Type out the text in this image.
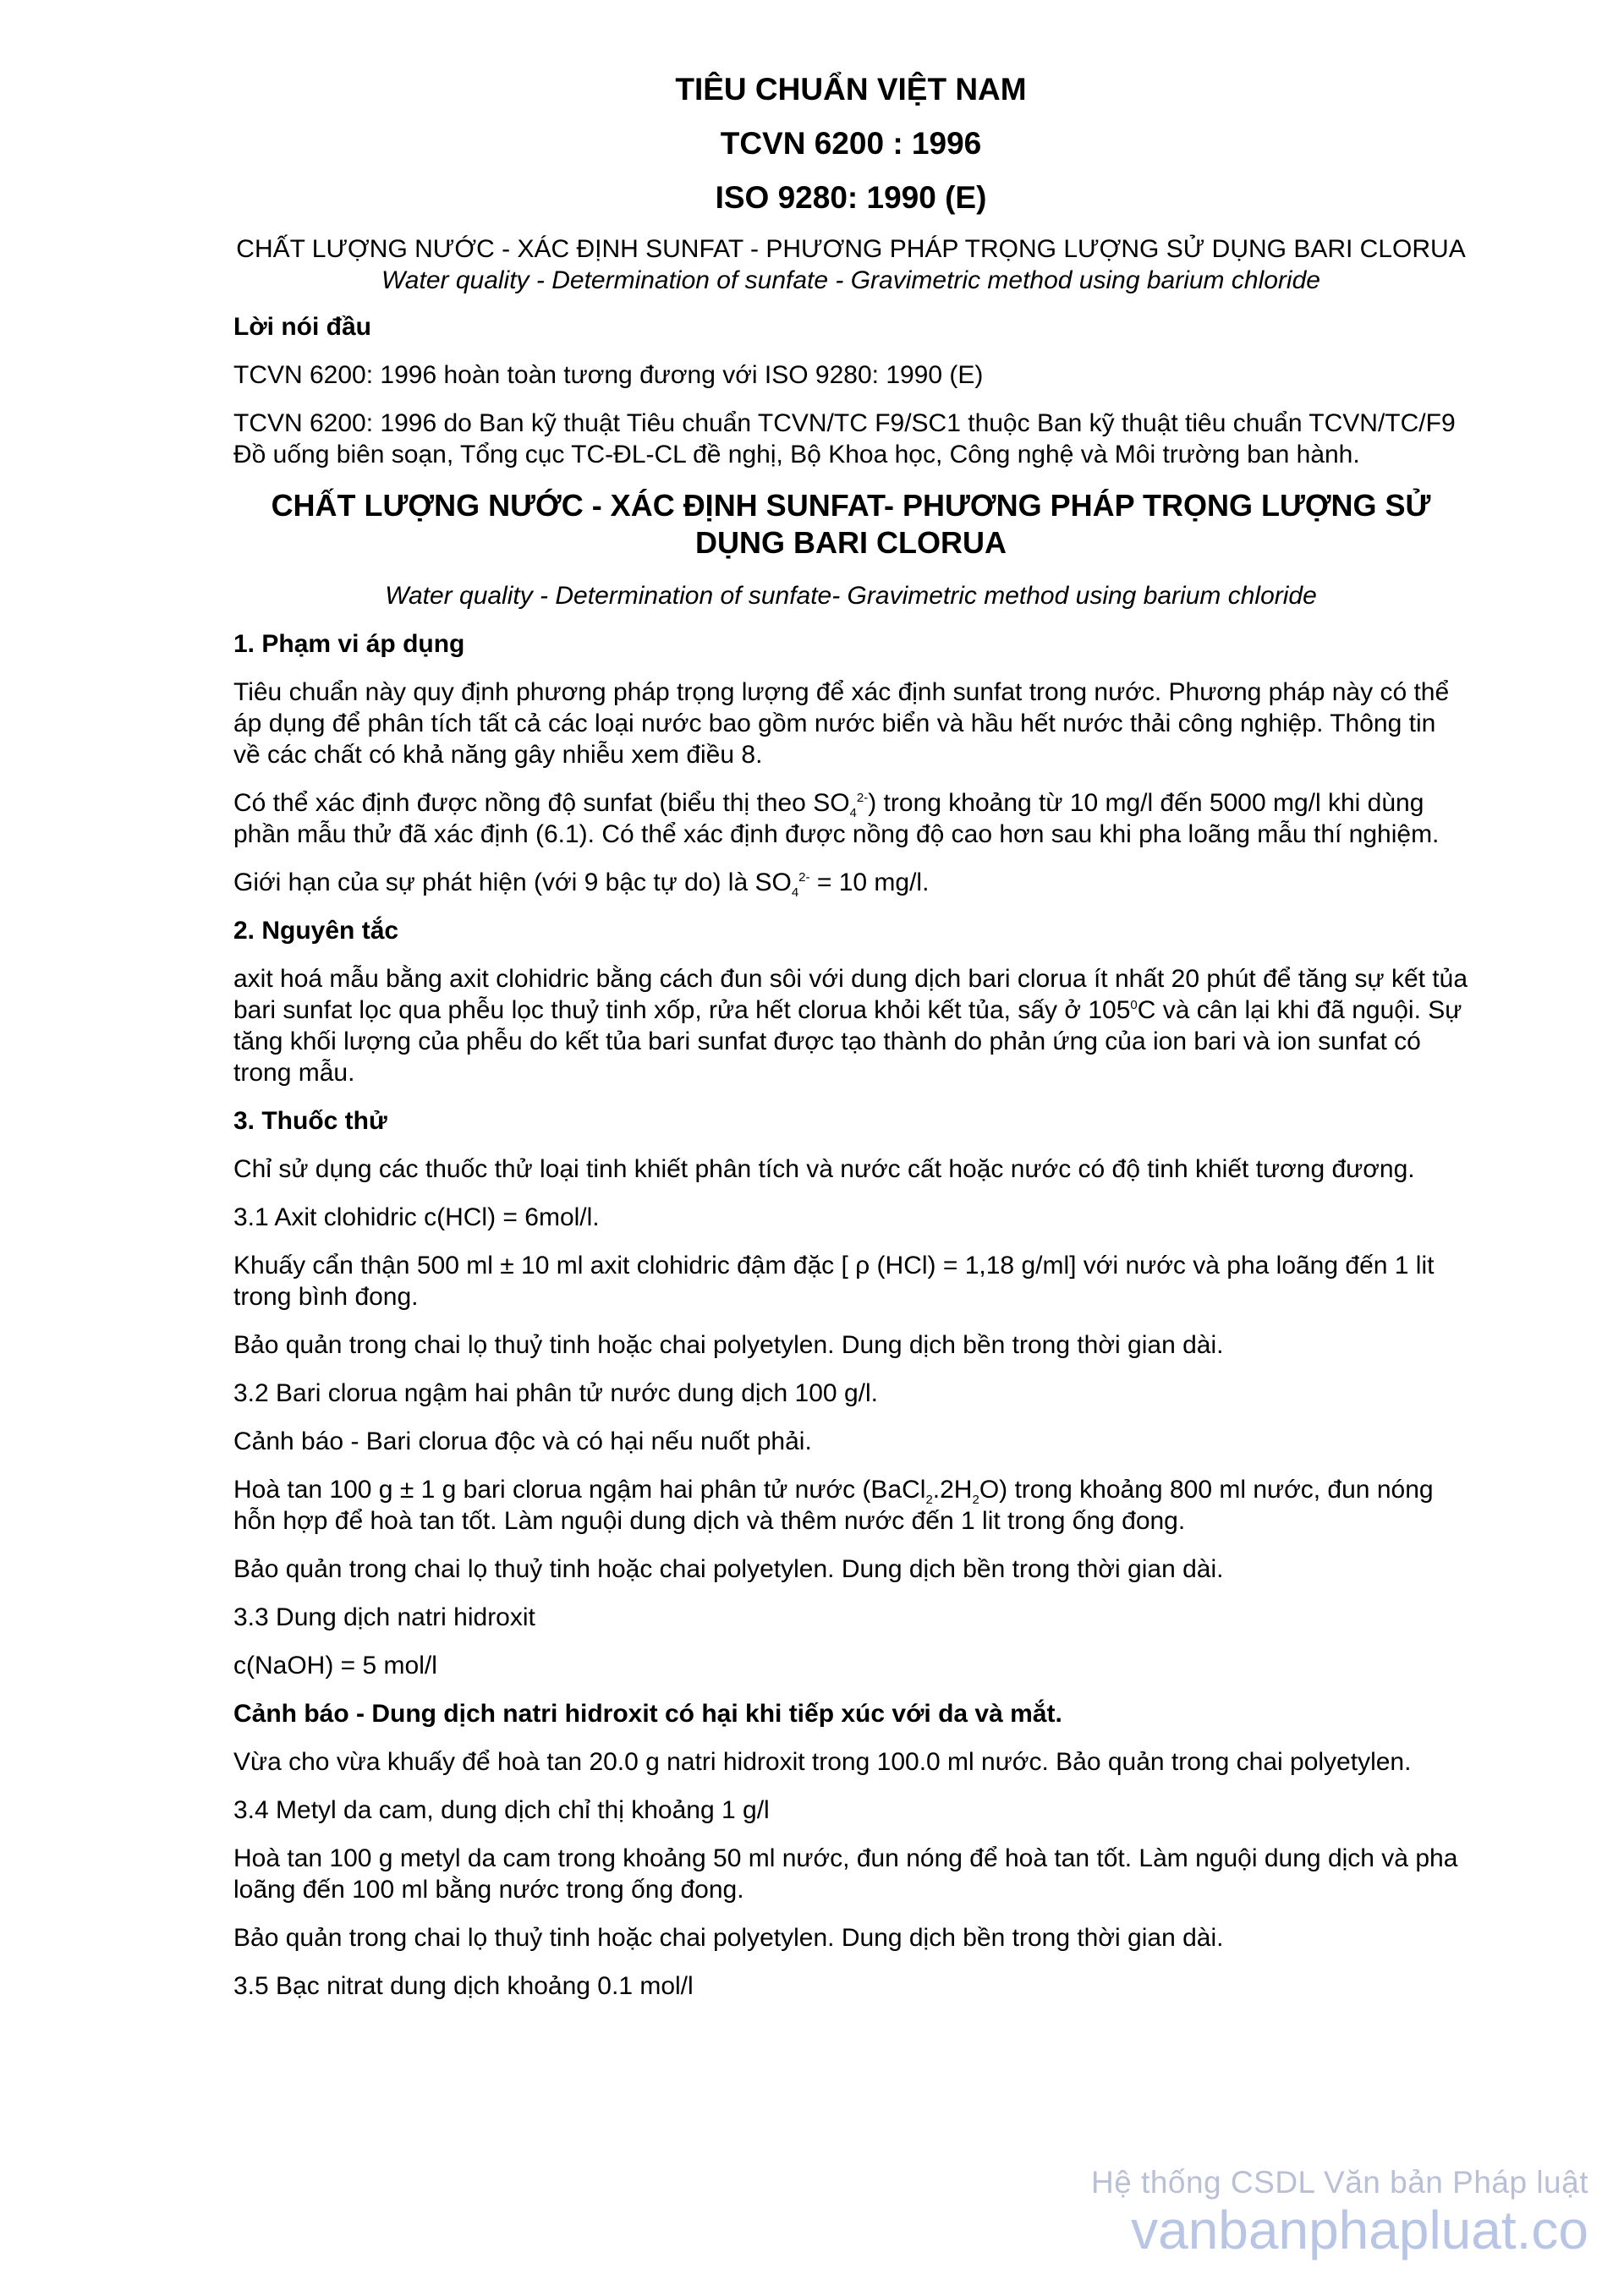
TIÊU CHUẨN VIỆT NAM

TCVN 6200 : 1996

ISO 9280: 1990 (E)

CHẤT LƯỢNG NƯỚC - XÁC ĐỊNH SUNFAT - PHƯƠNG PHÁP TRỌNG LƯỢNG SỬ DỤNG BARI CLORUA

Water quality - Determination of sunfate - Gravimetric method using barium chloride

Lời nói đầu

TCVN 6200: 1996 hoàn toàn tương đương với ISO 9280: 1990 (E)

TCVN 6200: 1996 do Ban kỹ thuật Tiêu chuẩn TCVN/TC F9/SC1 thuộc Ban kỹ thuật tiêu chuẩn TCVN/TC/F9 Đồ uống biên soạn, Tổng cục TC-ĐL-CL đề nghị, Bộ Khoa học, Công nghệ và Môi trường ban hành.

CHẤT LƯỢNG NƯỚC - XÁC ĐỊNH SUNFAT- PHƯƠNG PHÁP TRỌNG LƯỢNG SỬ DỤNG BARI CLORUA

Water quality - Determination of sunfate- Gravimetric method using barium chloride

1. Phạm vi áp dụng

Tiêu chuẩn này quy định phương pháp trọng lượng để xác định sunfat trong nước. Phương pháp này có thể áp dụng để phân tích tất cả các loại nước bao gồm nước biển và hầu hết nước thải công nghiệp. Thông tin về các chất có khả năng gây nhiễu xem điều 8.

Có thể xác định được nồng độ sunfat (biểu thị theo $SO_4^{2-}$) trong khoảng từ 10 mg/l đến 5000 mg/l khi dùng phần mẫu thử đã xác định (6.1). Có thể xác định được nồng độ cao hơn sau khi pha loãng mẫu thí nghiệm.

Giới hạn của sự phát hiện (với 9 bậc tự do) là $SO_4^{2-} = 10$ mg/l.

2. Nguyên tắc

axit hoá mẫu bằng axit clohidric bằng cách đun sôi với dung dịch bari clorua ít nhất 20 phút để tăng sự kết tủa bari sunfat lọc qua phễu lọc thuỷ tinh xốp, rửa hết clorua khỏi kết tủa, sấy ở $105^0C$ và cân lại khi đã nguội. Sự tăng khối lượng của phễu do kết tủa bari sunfat được tạo thành do phản ứng của ion bari và ion sunfat có trong mẫu.

3. Thuốc thử

Chỉ sử dụng các thuốc thử loại tinh khiết phân tích và nước cất hoặc nước có độ tinh khiết tương đương.

3.1 Axit clohidric c(HCl) = 6mol/l.

Khuấy cẩn thận 500 ml ± 10 ml axit clohidric đậm đặc [ ρ (HCl) = 1,18 g/ml] với nước và pha loãng đến 1 lit trong bình đong.

Bảo quản trong chai lọ thuỷ tinh hoặc chai polyetylen. Dung dịch bền trong thời gian dài.

3.2 Bari clorua ngậm hai phân tử nước dung dịch 100 g/l.

Cảnh báo - Bari clorua độc và có hại nếu nuốt phải.

Hoà tan 100 g ± 1 g bari clorua ngậm hai phân tử nước $(BaCl_2.2H_2O)$ trong khoảng 800 ml nước, đun nóng hỗn hợp để hoà tan tốt. Làm nguội dung dịch và thêm nước đến 1 lit trong ống đong.

Bảo quản trong chai lọ thuỷ tinh hoặc chai polyetylen. Dung dịch bền trong thời gian dài.

3.3 Dung dịch natri hidroxit

c(NaOH) = 5 mol/l

Cảnh báo - Dung dịch natri hidroxit có hại khi tiếp xúc với da và mắt.

Vừa cho vừa khuấy để hoà tan 20.0 g natri hidroxit trong 100.0 ml nước. Bảo quản trong chai polyetylen.

3.4 Metyl da cam, dung dịch chỉ thị khoảng 1 g/l

Hoà tan 100 g metyl da cam trong khoảng 50 ml nước, đun nóng để hoà tan tốt. Làm nguội dung dịch và pha loãng đến 100 ml bằng nước trong ống đong.

Bảo quản trong chai lọ thuỷ tinh hoặc chai polyetylen. Dung dịch bền trong thời gian dài.

3.5 Bạc nitrat dung dịch khoảng 0.1 mol/l

Hệ thống CSDL Văn bản Pháp luật
vanbanphapluat.co
